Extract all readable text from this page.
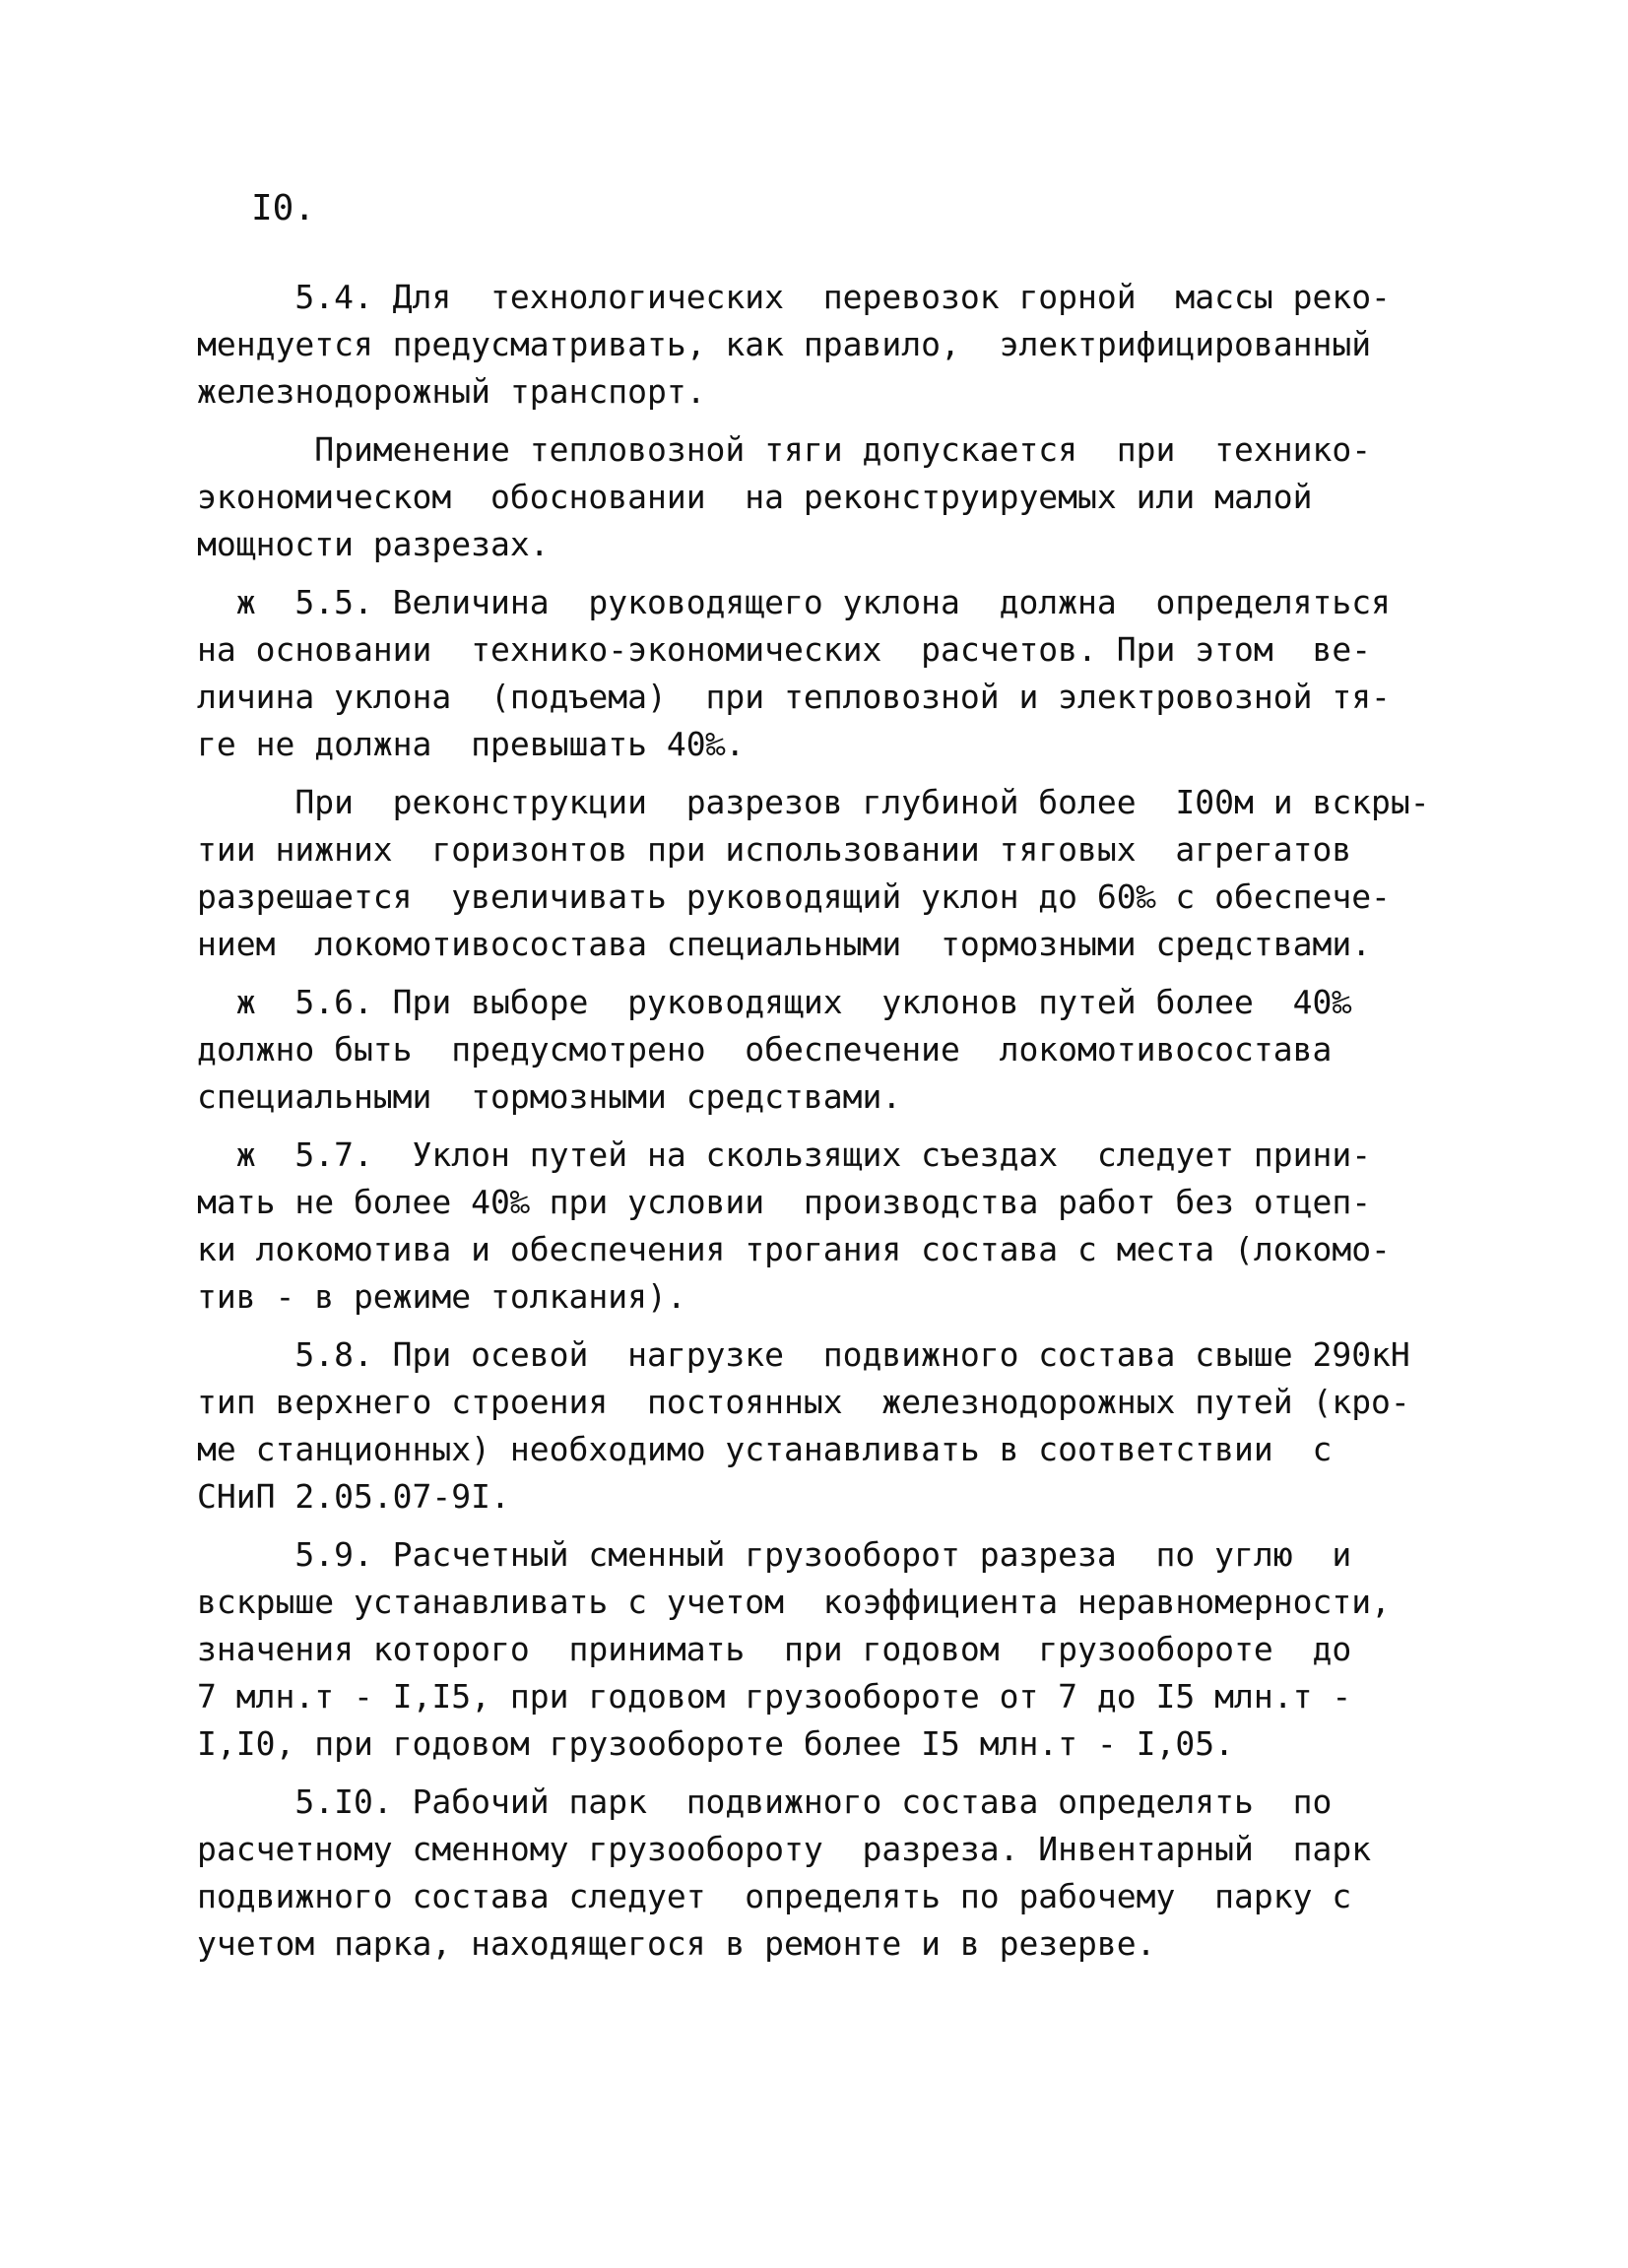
I0.
5.4. Для  технологических  перевозок горной  массы реко-
мендуется предусматривать, как правило,  электрифицированный
железнодорожный транспорт.
Применение тепловозной тяги допускается  при  технико-
экономическом  обосновании  на реконструируемых или малой
мощности разрезах.
ж  5.5. Величина  руководящего уклона  должна  определяться
на основании  технико-экономических  расчетов. При этом  ве-
личина уклона  (подъема)  при тепловозной и электровозной тя-
ге не должна  превышать 40‰.
При  реконструкции  разрезов глубиной более  I00м и вскры-
тии нижних  горизонтов при использовании тяговых  агрегатов
разрешается  увеличивать руководящий уклон до 60‰ с обеспече-
нием  локомотивосостава специальными  тормозными средствами.
ж  5.6. При выборе  руководящих  уклонов путей более  40‰
должно быть  предусмотрено  обеспечение  локомотивосостава
специальными  тормозными средствами.
ж  5.7.  Уклон путей на скользящих съездах  следует прини-
мать не более 40‰ при условии  производства работ без отцеп-
ки локомотива и обеспечения трогания состава с места (локомо-
тив - в режиме толкания).
5.8. При осевой  нагрузке  подвижного состава свыше 290кН
тип верхнего строения  постоянных  железнодорожных путей (кро-
ме станционных) необходимо устанавливать в соответствии  с
СНиП 2.05.07-9I.
5.9. Расчетный сменный грузооборот разреза  по углю  и
вскрыше устанавливать с учетом  коэффициента неравномерности,
значения которого  принимать  при годовом  грузообороте  до
7 млн.т - I,I5, при годовом грузообороте от 7 до I5 млн.т -
I,I0, при годовом грузообороте более I5 млн.т - I,05.
5.I0. Рабочий парк  подвижного состава определять  по
расчетному сменному грузообороту  разреза. Инвентарный  парк
подвижного состава следует  определять по рабочему  парку с
учетом парка, находящегося в ремонте и в резерве.
